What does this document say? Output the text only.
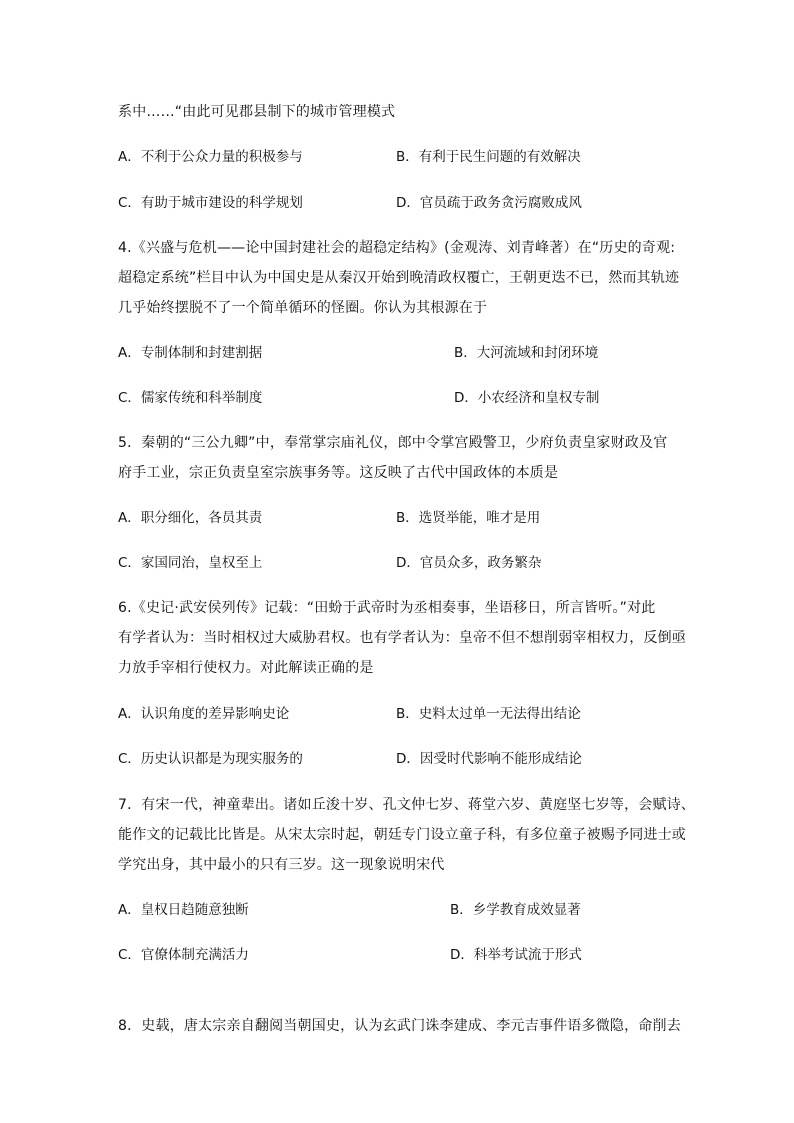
系中……“由此可见郡县制下的城市管理模式
A．不利于公众力量的积极参与	B．有利于民生问题的有效解决
C．有助于城市建设的科学规划	D．官员疏于政务贪污腐败成风
4.《兴盛与危机——论中国封建社会的超稳定结构》(金观涛、刘青峰著）在“历史的奇观:
超稳定系统”栏目中认为中国史是从秦汉开始到晚清政权覆亡，王朝更迭不已，然而其轨迹
几乎始终摆脱不了一个简单循环的怪圈。你认为其根源在于
A．专制体制和封建割据	B．大河流域和封闭环境
C．儒家传统和科举制度	D．小农经济和皇权专制
5．秦朝的“三公九卿”中，奉常掌宗庙礼仪，郎中令掌宫殿警卫，少府负责皇家财政及官
府手工业，宗正负责皇室宗族事务等。这反映了古代中国政体的本质是
A．职分细化，各员其责	B．选贤举能，唯才是用
C．家国同治，皇权至上	D．官员众多，政务繁杂
6.《史记·武安侯列传》记载：“田蚡于武帝时为丞相奏事，坐语移日，所言皆听。”对此
有学者认为：当时相权过大威胁君权。也有学者认为：皇帝不但不想削弱宰相权力，反倒亟
力放手宰相行使权力。对此解读正确的是
A．认识角度的差异影响史论	B．史料太过单一无法得出结论
C．历史认识都是为现实服务的	D．因受时代影响不能形成结论
7．有宋一代，神童辈出。诸如丘浚十岁、孔文仲七岁、蒋堂六岁、黄庭坚七岁等，会赋诗、
能作文的记载比比皆是。从宋太宗时起，朝廷专门设立童子科，有多位童子被赐予同进士或
学究出身，其中最小的只有三岁。这一现象说明宋代
A．皇权日趋随意独断	B．乡学教育成效显著
C．官僚体制充满活力	D．科举考试流于形式
8．史载，唐太宗亲自翻阅当朝国史，认为玄武门诛李建成、李元吉事件语多微隐，命削去
